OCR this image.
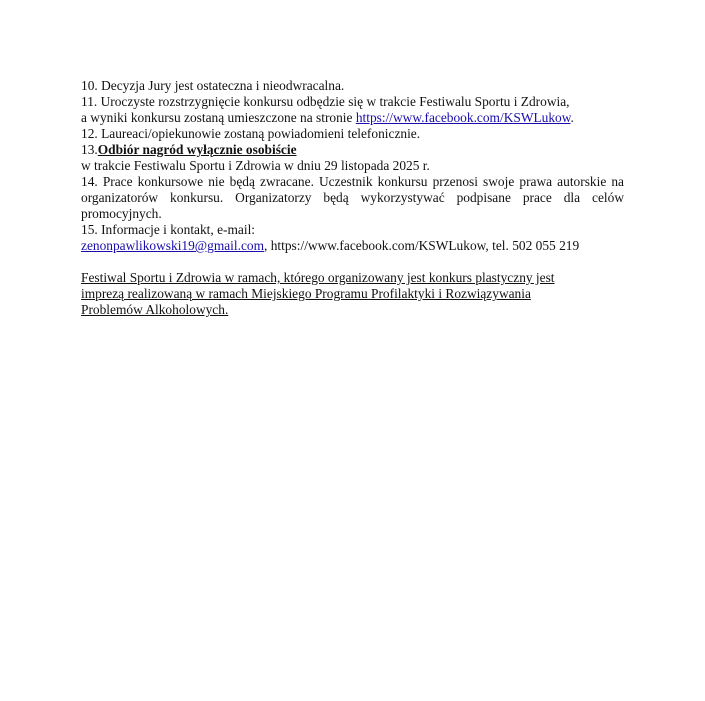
10. Decyzja Jury jest ostateczna i nieodwracalna.
11. Uroczyste rozstrzygnięcie konkursu odbędzie się w trakcie Festiwalu Sportu i Zdrowia,
a wyniki konkursu zostaną umieszczone na stronie https://www.facebook.com/KSWLukow.
12. Laureaci/opiekunowie zostaną powiadomieni telefonicznie.
13.Odbiór nagród wyłącznie osobiście
w trakcie Festiwalu Sportu i Zdrowia w dniu 29 listopada 2025 r.
14. Prace konkursowe nie będą zwracane. Uczestnik konkursu przenosi swoje prawa autorskie na organizatorów konkursu. Organizatorzy będą wykorzystywać podpisane prace dla celów promocyjnych.
15. Informacje i kontakt, e-mail:
zenonpawlikowski19@gmail.com, https://www.facebook.com/KSWLukow, tel. 502 055 219
Festiwal Sportu i Zdrowia w ramach, którego organizowany jest konkurs plastyczny jest
imprezą realizowaną w ramach Miejskiego Programu Profilaktyki i Rozwiązywania
Problemów Alkoholowych.
